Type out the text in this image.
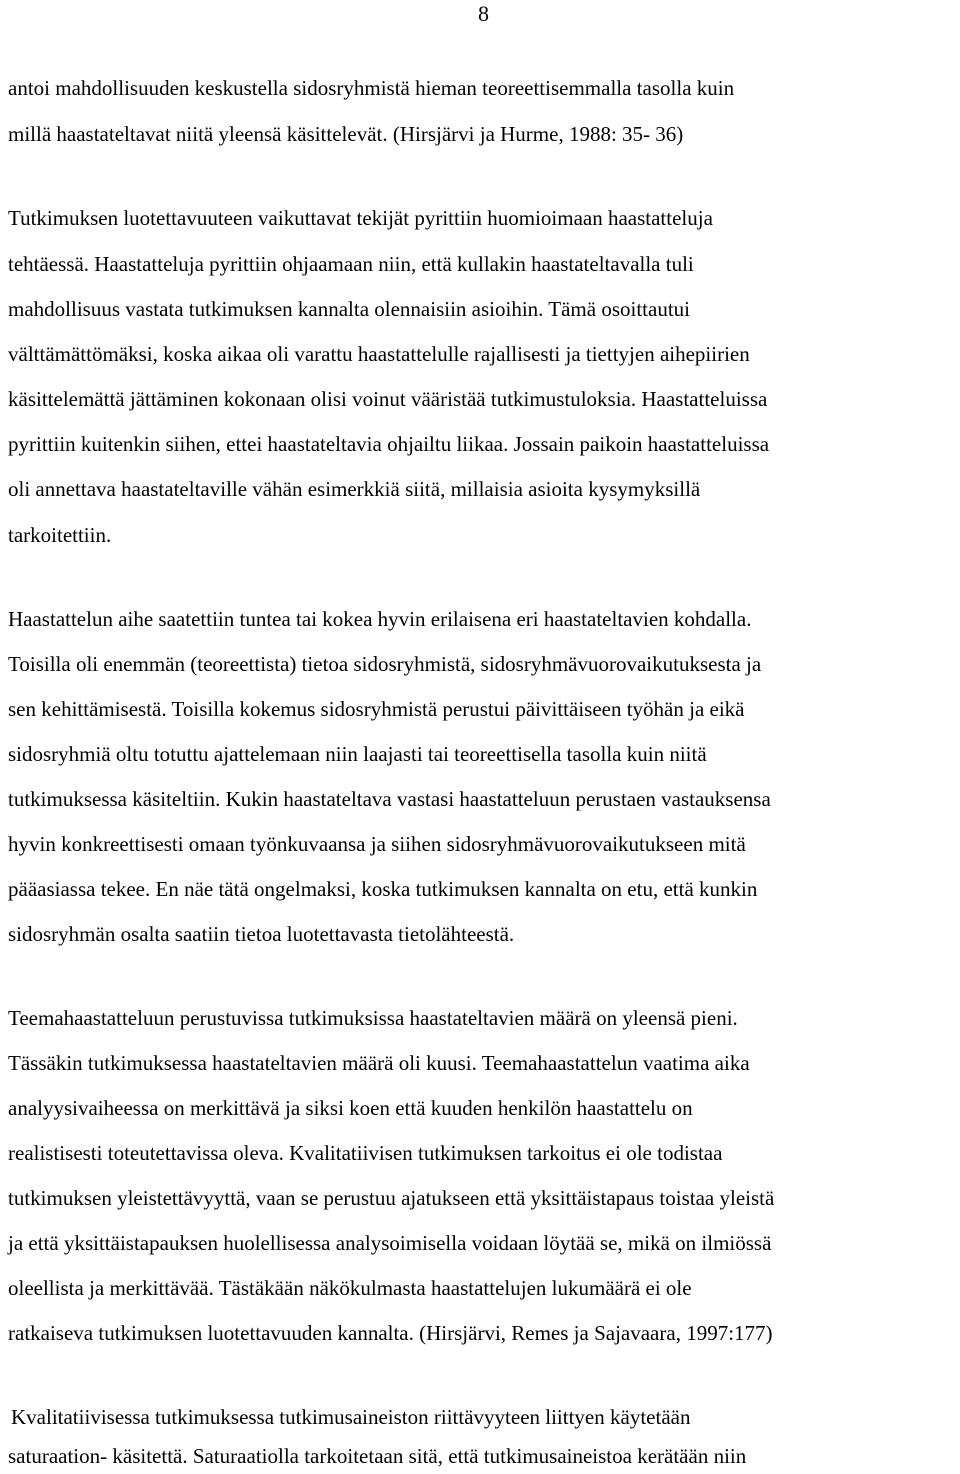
8
antoi mahdollisuuden keskustella sidosryhmistä hieman teoreettisemmalla tasolla kuin
millä haastateltavat niitä yleensä käsittelevät. (Hirsjärvi ja Hurme, 1988: 35- 36)
Tutkimuksen luotettavuuteen vaikuttavat tekijät pyrittiin huomioimaan haastatteluja
tehtäessä. Haastatteluja pyrittiin ohjaamaan niin, että kullakin haastateltavalla tuli
mahdollisuus vastata tutkimuksen kannalta olennaisiin asioihin. Tämä osoittautui
välttämättömäksi, koska aikaa oli varattu haastattelulle rajallisesti ja tiettyjen aihepiirien
käsittelemättä jättäminen kokonaan olisi voinut vääristää tutkimustuloksia. Haastatteluissa
pyrittiin kuitenkin siihen, ettei haastateltavia ohjailtu liikaa. Jossain paikoin haastatteluissa
oli annettava haastateltaville vähän esimerkkiä siitä, millaisia asioita kysymyksillä
tarkoitettiin.
Haastattelun aihe saatettiin tuntea tai kokea hyvin erilaisena eri haastateltavien kohdalla.
Toisilla oli enemmän (teoreettista) tietoa sidosryhmistä, sidosryhmävuorovaikutuksesta ja
sen kehittämisestä. Toisilla kokemus sidosryhmistä perustui päivittäiseen työhän ja eikä
sidosryhmiä oltu totuttu ajattelemaan niin laajasti tai teoreettisella tasolla kuin niitä
tutkimuksessa käsiteltiin. Kukin haastateltava vastasi haastatteluun perustaen vastauksensa
hyvin konkreettisesti omaan työnkuvaansa ja siihen sidosryhmävuorovaikutukseen mitä
pääasiassa tekee. En näe tätä ongelmaksi, koska tutkimuksen kannalta on etu, että kunkin
sidosryhmän osalta saatiin tietoa luotettavasta tietolähteestä.
Teemahaastatteluun perustuvissa tutkimuksissa haastateltavien määrä on yleensä pieni.
Tässäkin tutkimuksessa haastateltavien määrä oli kuusi. Teemahaastattelun vaatima aika
analyysivaiheessa on merkittävä ja siksi koen että kuuden henkilön haastattelu on
realistisesti toteutettavissa oleva. Kvalitatiivisen tutkimuksen tarkoitus ei ole todistaa
tutkimuksen yleistettävyyttä, vaan se perustuu ajatukseen että yksittäistapaus toistaa yleistä
ja että yksittäistapauksen huolellisessa analysoimisella voidaan löytää se, mikä on ilmiössä
oleellista ja merkittävää. Tästäkään näkökulmasta haastattelujen lukumäärä ei ole
ratkaiseva tutkimuksen luotettavuuden kannalta. (Hirsjärvi, Remes ja Sajavaara, 1997:177)
Kvalitatiivisessa tutkimuksessa tutkimusaineiston riittävyyteen liittyen käytetään
saturaation- käsitettä. Saturaatiolla tarkoitetaan sitä, että tutkimusaineistoa kerätään niin
